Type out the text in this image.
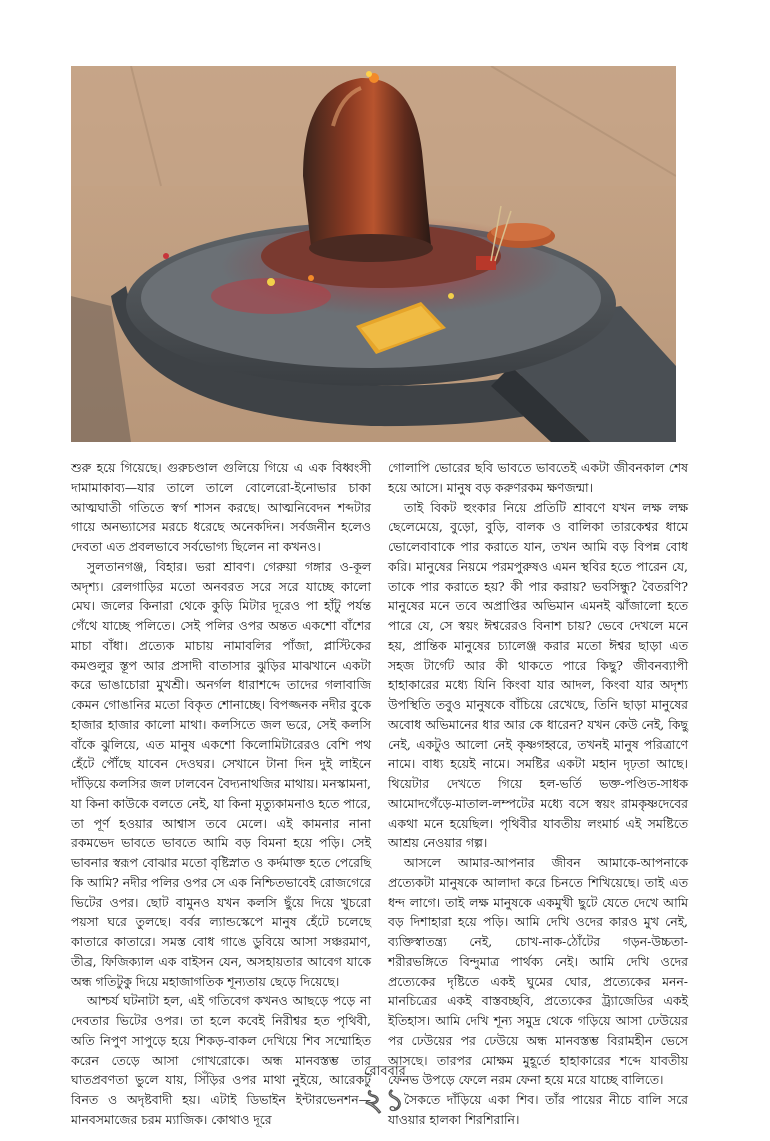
শুরু হয়ে গিয়েছে। গুরুচণ্ডাল গুলিয়ে গিয়ে এ এক বিধ্বংসী দামামাকাব্য—যার তালে তালে বোলেরো-ইনোভার চাকা আত্মঘাতী গতিতে স্বর্গ শাসন করছে। আত্মনিবেদন শব্দটার গায়ে অনভ্যাসের মরচে ধরেছে অনেকদিন। সর্বজনীন হলেও দেবতা এত প্রবলভাবে সর্বভোগ্য ছিলেন না কখনও।

সুলতানগঞ্জ, বিহার। ভরা শ্রাবণ। গেরুয়া গঙ্গার ও-কূল অদৃশ্য। রেলগাড়ির মতো অনবরত সরে সরে যাচ্ছে কালো মেঘ। জলের কিনারা থেকে কুড়ি মিটার দূরেও পা হাঁটু পর্যন্ত গেঁথে যাচ্ছে পলিতে। সেই পলির ওপর অন্তত একশো বাঁশের মাচা বাঁধা। প্রত্যেক মাচায় নামাবলির পাঁজা, প্লাস্টিকের কমণ্ডলুর স্তূপ আর প্রসাদী বাতাসার ঝুড়ির মাঝখানে একটা করে ভাঙাচোরা মুখশ্রী। অনর্গল ধারাশব্দে তাদের গলাবাজি কেমন গোঙানির মতো বিকৃত শোনাচ্ছে। বিপজ্জনক নদীর বুকে হাজার হাজার কালো মাথা। কলসিতে জল ভরে, সেই কলসি বাঁকে ঝুলিয়ে, এত মানুষ একশো কিলোমিটারেরও বেশি পথ হেঁটে পৌঁছে যাবেন দেওঘর। সেখানে টানা দিন দুই লাইনে দাঁড়িয়ে কলসির জল ঢালবেন বৈদ্যনাথজির মাথায়। মনস্কামনা, যা কিনা কাউকে বলতে নেই, যা কিনা মৃত্যুকামনাও হতে পারে, তা পূর্ণ হওয়ার আশ্বাস তবে মেলে। এই কামনার নানা রকমভেদ ভাবতে ভাবতে আমি বড় বিমনা হয়ে পড়ি। সেই ভাবনার স্বরূপ বোঝার মতো বৃষ্টিস্নাত ও কর্দমাক্ত হতে পেরেছি কি আমি? নদীর পলির ওপর সে এক নিশ্চিতভাবেই রোজগেরে ভিটের ওপর। ছোট বামুনও যখন কলসি ছুঁয়ে দিয়ে খুচরো পয়সা ঘরে তুলছে। বর্বর ল্যান্ডস্কেপে মানুষ হেঁটে চলেছে কাতারে কাতারে। সমস্ত বোধ গাঙে ডুবিয়ে আসা সঞ্চরমাণ, তীব্র, ফিজিক্যাল এক বাইসন যেন, অসহায়তার আবেগ যাকে অন্ধ গতিটুকু দিয়ে মহাজাগতিক শূন্যতায় ছেড়ে দিয়েছে।

আশ্চর্য ঘটনাটা হল, এই গতিবেগ কখনও আছড়ে পড়ে না দেবতার ভিটের ওপর। তা হলে কবেই নিরীশ্বর হত পৃথিবী, অতি নিপুণ সাপুড়ে হয়ে শিকড়-বাকল দেখিয়ে শিব সম্মোহিত করেন তেড়ে আসা গোখরোকে। অন্ধ মানবস্তম্ভ তার ঘাতপ্রবণতা ভুলে যায়, সিঁড়ির ওপর মাথা নুইয়ে, আরেকটু বিনত ও অদৃষ্টবাদী হয়। এটাই ডিভাইন ইন্টারভেনশন—মানবসমাজের চরম ম্যাজিক। কোথাও দূরে

গোলাপি ভোরের ছবি ভাবতে ভাবতেই একটা জীবনকাল শেষ হয়ে আসে। মানুষ বড় করুণরকম ক্ষণজন্মা।

তাই বিকট হুংকার নিয়ে প্রতিটি শ্রাবণে যখন লক্ষ লক্ষ ছেলেমেয়ে, বুড়ো, বুড়ি, বালক ও বালিকা তারকেশ্বর ধামে ভোলেবাবাকে পার করাতে যান, তখন আমি বড় বিপন্ন বোধ করি। মানুষের নিয়মে পরমপুরুষও এমন স্থবির হতে পারেন যে, তাকে পার করাতে হয়? কী পার করায়? ভবসিন্ধু? বৈতরণি? মানুষের মনে তবে অপ্রাপ্তির অভিমান এমনই ঝাঁজালো হতে পারে যে, সে স্বয়ং ঈশ্বরেরও বিনাশ চায়? ভেবে দেখলে মনে হয়, প্রান্তিক মানুষের চ্যালেঞ্জ করার মতো ঈশ্বর ছাড়া এত সহজ টার্গেট আর কী থাকতে পারে কিছু? জীবনব্যাপী হাহাকারের মধ্যে যিনি কিংবা যার আদল, কিংবা যার অদৃশ্য উপস্থিতি তবুও মানুষকে বাঁচিয়ে রেখেছে, তিনি ছাড়া মানুষের অবোধ অভিমানের ধার আর কে ধারেন? যখন কেউ নেই, কিছু নেই, একটুও আলো নেই কৃষ্ণগহ্বরে, তখনই মানুষ পরিত্রাণে নামে। বাধ্য হয়েই নামে। সমষ্টির একটা মহান দৃঢ়তা আছে। থিয়েটার দেখতে গিয়ে হল-ভর্তি ভক্ত-পণ্ডিত-সাধক আমোদগেঁড়ে-মাতাল-লম্পটের মধ্যে বসে স্বয়ং রামকৃষ্ণদেবের একথা মনে হয়েছিল। পৃথিবীর যাবতীয় লংমার্চ এই সমষ্টিতে আশ্রয় নেওয়ার গল্প।

আসলে আমার-আপনার জীবন আমাকে-আপনাকে প্রত্যেকটা মানুষকে আলাদা করে চিনতে শিখিয়েছে। তাই এত ধন্দ লাগে। তাই লক্ষ মানুষকে একমুখী ছুটে যেতে দেখে আমি বড় দিশাহারা হয়ে পড়ি। আমি দেখি ওদের কারও মুখ নেই, ব্যক্তিস্বাতন্ত্র্য নেই, চোখ-নাক-ঠোঁটের গড়ন-উচ্চতা-শরীরভঙ্গিতে বিন্দুমাত্র পার্থক্য নেই। আমি দেখি ওদের প্রত্যেকের দৃষ্টিতে একই ঘুমের ঘোর, প্রত্যেকের মনন-মানচিত্রের একই বাস্তবচ্ছবি, প্রত্যেকের ট্র্যাজেডির একই ইতিহাস। আমি দেখি শূন্য সমুদ্র থেকে গড়িয়ে আসা ঢেউয়ের পর ঢেউয়ের পর ঢেউয়ে অন্ধ মানবস্তম্ভ বিরামহীন ভেসে আসছে। তারপর মোক্ষম মুহূর্তে হাহাকারের শব্দে যাবতীয় ফেনভ উপড়ে ফেলে নরম ফেনা হয়ে মরে যাচ্ছে বালিতে।

সৈকতে দাঁড়িয়ে একা শিব। তাঁর পায়ের নীচে বালি সরে যাওয়ার হালকা শিরশিরানি।

রোববার
২১
